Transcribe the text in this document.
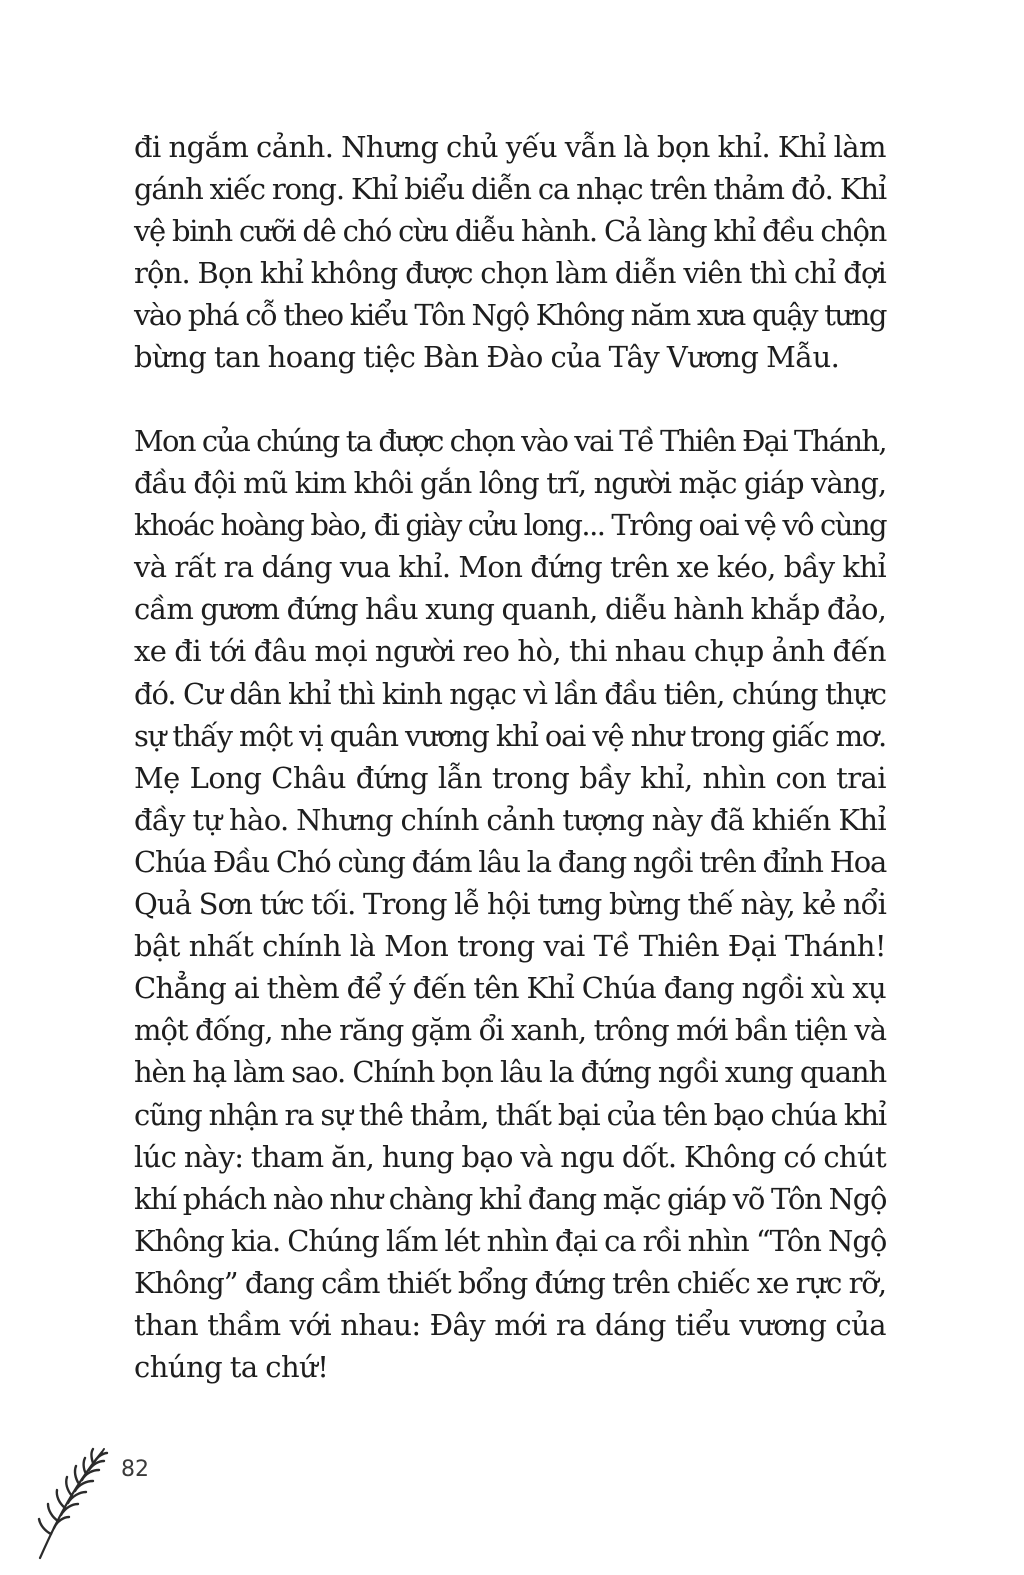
đi ngắm cảnh. Nhưng chủ yếu vẫn là bọn khỉ. Khỉ làm
gánh xiếc rong. Khỉ biểu diễn ca nhạc trên thảm đỏ. Khỉ
vệ binh cưỡi dê chó cừu diễu hành. Cả làng khỉ đều chộn
rộn. Bọn khỉ không được chọn làm diễn viên thì chỉ đợi
vào phá cỗ theo kiểu Tôn Ngộ Không năm xưa quậy tưng
bừng tan hoang tiệc Bàn Đào của Tây Vương Mẫu.
Mon của chúng ta được chọn vào vai Tề Thiên Đại Thánh,
đầu đội mũ kim khôi gắn lông trĩ, người mặc giáp vàng,
khoác hoàng bào, đi giày cửu long... Trông oai vệ vô cùng
và rất ra dáng vua khỉ. Mon đứng trên xe kéo, bầy khỉ
cầm gươm đứng hầu xung quanh, diễu hành khắp đảo,
xe đi tới đâu mọi người reo hò, thi nhau chụp ảnh đến
đó. Cư dân khỉ thì kinh ngạc vì lần đầu tiên, chúng thực
sự thấy một vị quân vương khỉ oai vệ như trong giấc mơ.
Mẹ Long Châu đứng lẫn trong bầy khỉ, nhìn con trai
đầy tự hào. Nhưng chính cảnh tượng này đã khiến Khỉ
Chúa Đầu Chó cùng đám lâu la đang ngồi trên đỉnh Hoa
Quả Sơn tức tối. Trong lễ hội tưng bừng thế này, kẻ nổi
bật nhất chính là Mon trong vai Tề Thiên Đại Thánh!
Chẳng ai thèm để ý đến tên Khỉ Chúa đang ngồi xù xụ
một đống, nhe răng gặm ổi xanh, trông mới bần tiện và
hèn hạ làm sao. Chính bọn lâu la đứng ngồi xung quanh
cũng nhận ra sự thê thảm, thất bại của tên bạo chúa khỉ
lúc này: tham ăn, hung bạo và ngu dốt. Không có chút
khí phách nào như chàng khỉ đang mặc giáp võ Tôn Ngộ
Không kia. Chúng lấm lét nhìn đại ca rồi nhìn “Tôn Ngộ
Không” đang cầm thiết bổng đứng trên chiếc xe rực rỡ,
than thầm với nhau: Đây mới ra dáng tiểu vương của
chúng ta chứ!
82
